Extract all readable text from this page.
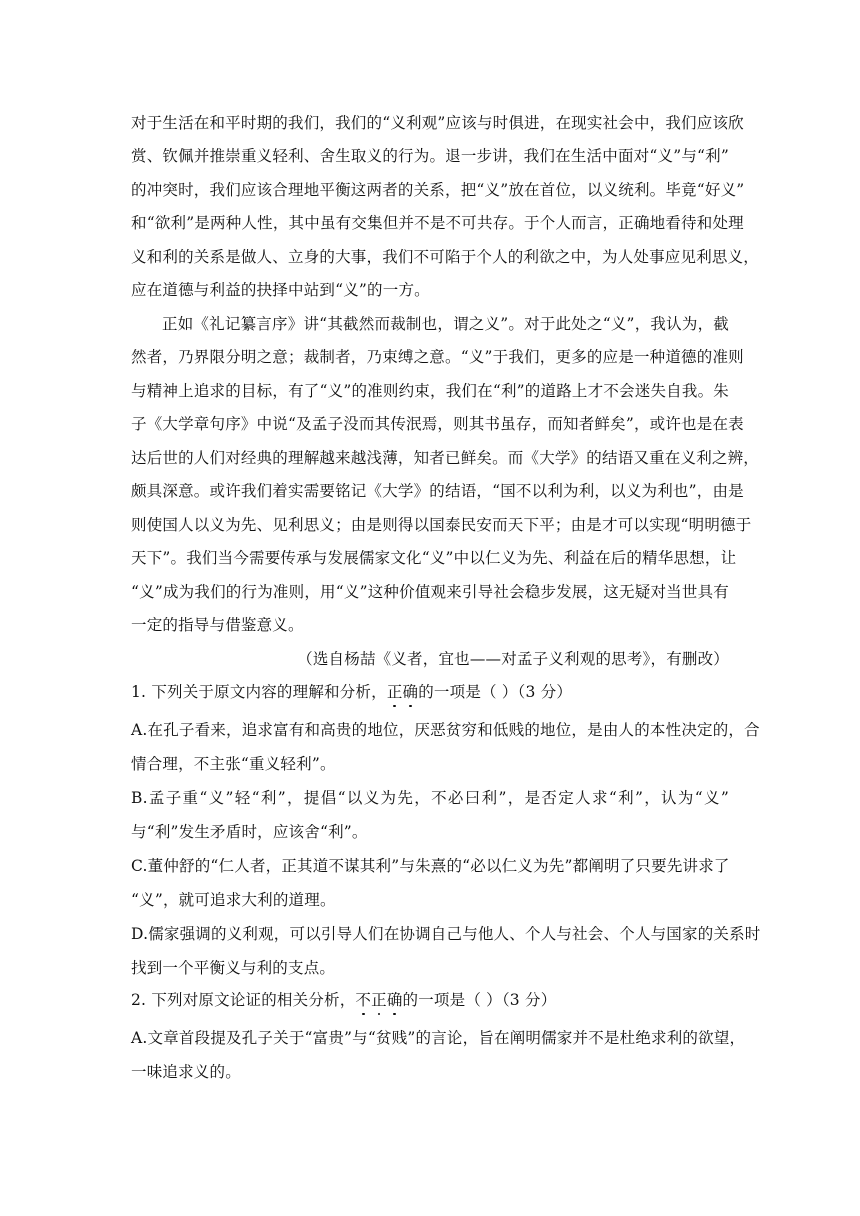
对于生活在和平时期的我们，我们的“义利观”应该与时俱进，在现实社会中，我们应该欣
赏、钦佩并推崇重义轻利、舍生取义的行为。退一步讲，我们在生活中面对“义”与“利”
的冲突时，我们应该合理地平衡这两者的关系，把“义”放在首位，以义统利。毕竟“好义”
和“欲利”是两种人性，其中虽有交集但并不是不可共存。于个人而言，正确地看待和处理
义和利的关系是做人、立身的大事，我们不可陷于个人的利欲之中，为人处事应见利思义，
应在道德与利益的抉择中站到“义”的一方。
正如《礼记纂言序》讲“其截然而裁制也，谓之义”。对于此处之“义”，我认为，截
然者，乃界限分明之意；裁制者，乃束缚之意。“义”于我们，更多的应是一种道德的准则
与精神上追求的目标，有了“义”的准则约束，我们在“利”的道路上才不会迷失自我。朱
子《大学章句序》中说“及孟子没而其传泯焉，则其书虽存，而知者鲜矣”，或许也是在表
达后世的人们对经典的理解越来越浅薄，知者已鲜矣。而《大学》的结语又重在义利之辨，
颇具深意。或许我们着实需要铭记《大学》的结语，“国不以利为利，以义为利也”，由是
则使国人以义为先、见利思义；由是则得以国泰民安而天下平；由是才可以实现“明明德于
天下”。我们当今需要传承与发展儒家文化“义”中以仁义为先、利益在后的精华思想，让
“义”成为我们的行为准则，用“义”这种价值观来引导社会稳步发展，这无疑对当世具有
一定的指导与借鉴意义。
（选自杨喆《义者，宜也——对孟子义利观的思考》，有删改）
1. 下列关于原文内容的理解和分析，正确的一项是（ ）（3 分）
A.在孔子看来，追求富有和高贵的地位，厌恶贫穷和低贱的地位，是由人的本性决定的，合
情合理，不主张“重义轻利”。
B.孟子重“义”轻“利”，提倡“以义为先，不必曰利”，是否定人求“利”，认为“义”
与“利”发生矛盾时，应该舍“利”。
C.董仲舒的“仁人者，正其道不谋其利”与朱熹的“必以仁义为先”都阐明了只要先讲求了
“义”，就可追求大利的道理。
D.儒家强调的义利观，可以引导人们在协调自己与他人、个人与社会、个人与国家的关系时
找到一个平衡义与利的支点。
2. 下列对原文论证的相关分析，不正确的一项是（ ）（3 分）
A.文章首段提及孔子关于“富贵”与“贫贱”的言论，旨在阐明儒家并不是杜绝求利的欲望，
一味追求义的。
